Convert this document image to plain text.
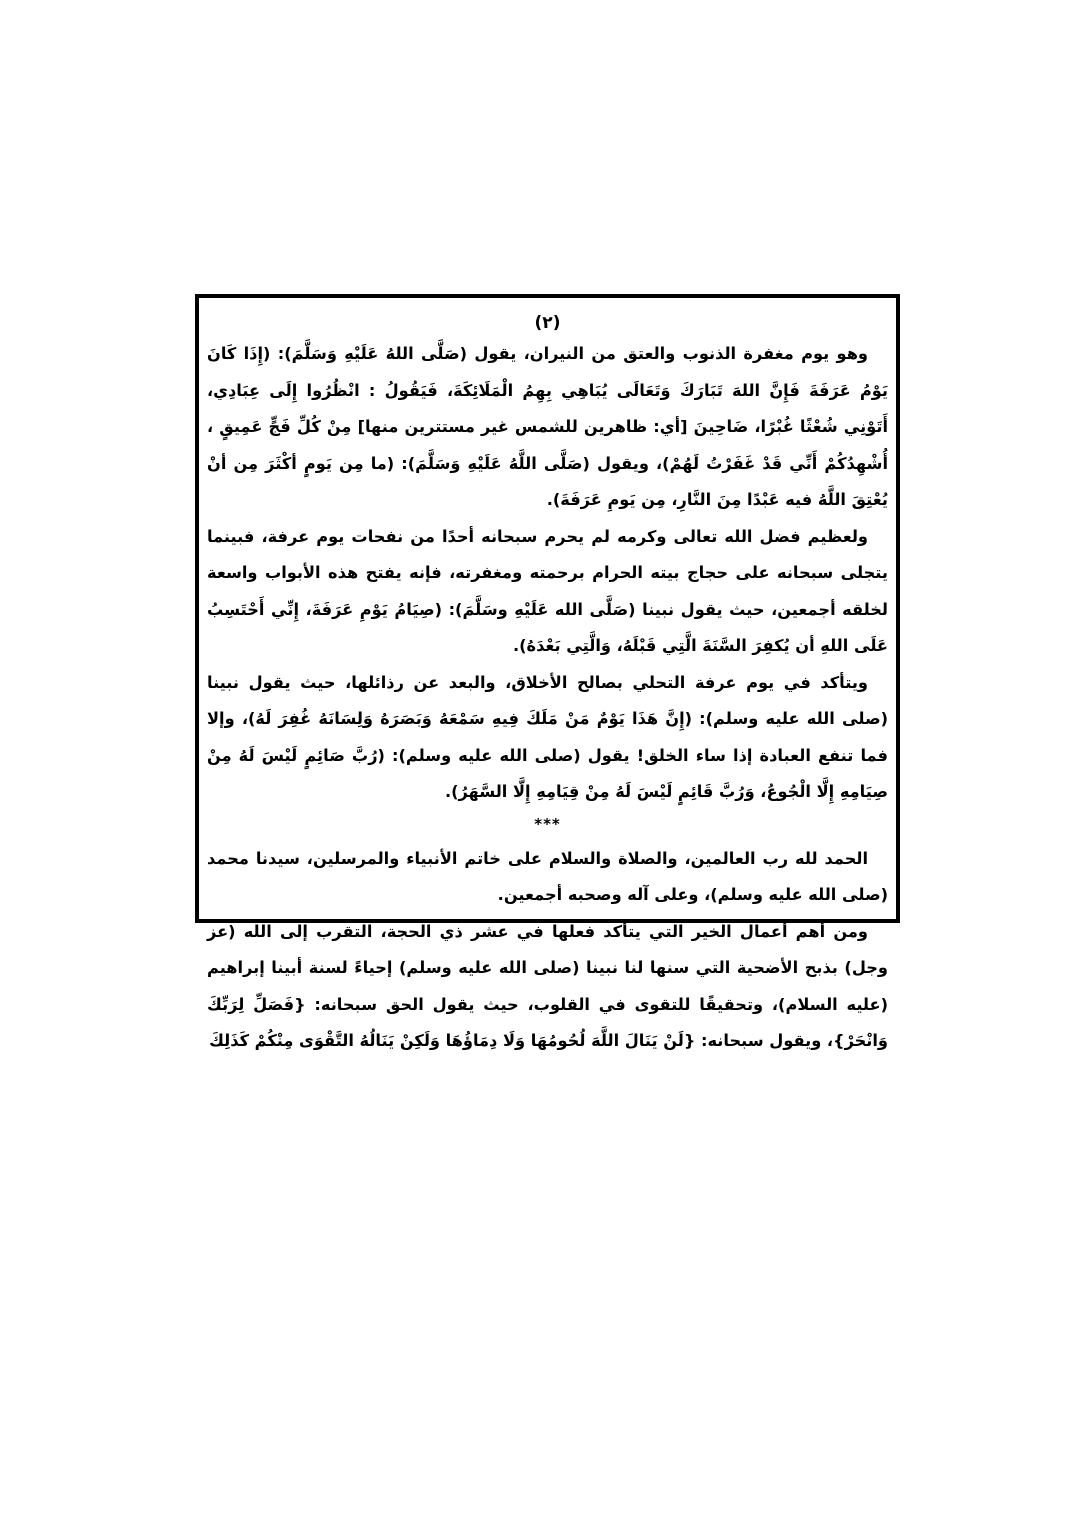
(٢)

وهو يوم مغفرة الذنوب والعتق من النيران، يقول (صَلَّى اللهُ عَلَيْهِ وَسَلَّمَ): (إِذَا كَانَ يَوْمُ عَرَفَةَ فَإِنَّ اللهَ تَبَارَكَ وَتَعَالَى يُبَاهِي بِهِمُ الْمَلَائِكَةَ، فَيَقُولُ : انْظُرُوا إِلَى عِبَادِي، أَتَوْنِي شُعْثًا غُبْرًا، ضَاحِينَ [أي: ظاهرين للشمس غير مستترين منها] مِنْ كُلِّ فَجٍّ عَمِيقٍ ، أُشْهِدُكُمْ أَنِّي قَدْ غَفَرْتُ لَهُمْ)، ويقول (صَلَّى اللَّهُ عَلَيْهِ وَسَلَّمَ): (ما مِن يَومٍ أكْثَرَ مِن أنْ يُعْتِقَ اللَّهُ فيه عَبْدًا مِنَ النَّارِ، مِن يَومِ عَرَفَةَ).

ولعظيم فضل الله تعالى وكرمه لم يحرم سبحانه أحدًا من نفحات يوم عرفة، فبينما يتجلى سبحانه على حجاج بيته الحرام برحمته ومغفرته، فإنه يفتح هذه الأبواب واسعة لخلقه أجمعين، حيث يقول نبينا (صَلَّى الله عَلَيْهِ وسَلَّمَ): (صِيَامُ يَوْمِ عَرَفَةَ، إِنِّي أَحْتَسِبُ عَلَى اللهِ أن يُكفِرَ السَّنَةَ الَّتِي قَبْلَهُ، وَالَّتِي بَعْدَهُ).

ويتأكد في يوم عرفة التحلي بصالح الأخلاق، والبعد عن رذائلها، حيث يقول نبينا (صلى الله عليه وسلم): (إِنَّ هَذَا يَوْمٌ مَنْ مَلَكَ فِيهِ سَمْعَهُ وَبَصَرَهُ وَلِسَانَهُ غُفِرَ لَهُ)، وإلا فما تنفع العبادة إذا ساء الخلق! يقول (صلى الله عليه وسلم): (رُبَّ صَائِمٍ لَيْسَ لَهُ مِنْ صِيَامِهِ إِلَّا الْجُوعُ، وَرُبَّ قَائِمٍ لَيْسَ لَهُ مِنْ قِيَامِهِ إِلَّا السَّهَرُ).

***

الحمد لله رب العالمين، والصلاة والسلام على خاتم الأنبياء والمرسلين، سيدنا محمد (صلى الله عليه وسلم)، وعلى آله وصحبه أجمعين.

ومن أهم أعمال الخير التي يتأكد فعلها في عشر ذي الحجة، التقرب إلى الله (عز وجل) بذبح الأضحية التي سنها لنا نبينا (صلى الله عليه وسلم) إحياءً لسنة أبينا إبراهيم (عليه السلام)، وتحقيقًا للتقوى في القلوب، حيث يقول الحق سبحانه: {فَصَلِّ لِرَبِّكَ وَانْحَرْ}، ويقول سبحانه: {لَنْ يَنَالَ اللَّهَ لُحُومُهَا وَلَا دِمَاؤُهَا وَلَكِنْ يَنَالُهُ التَّقْوَى مِنْكُمْ كَذَلِكَ
